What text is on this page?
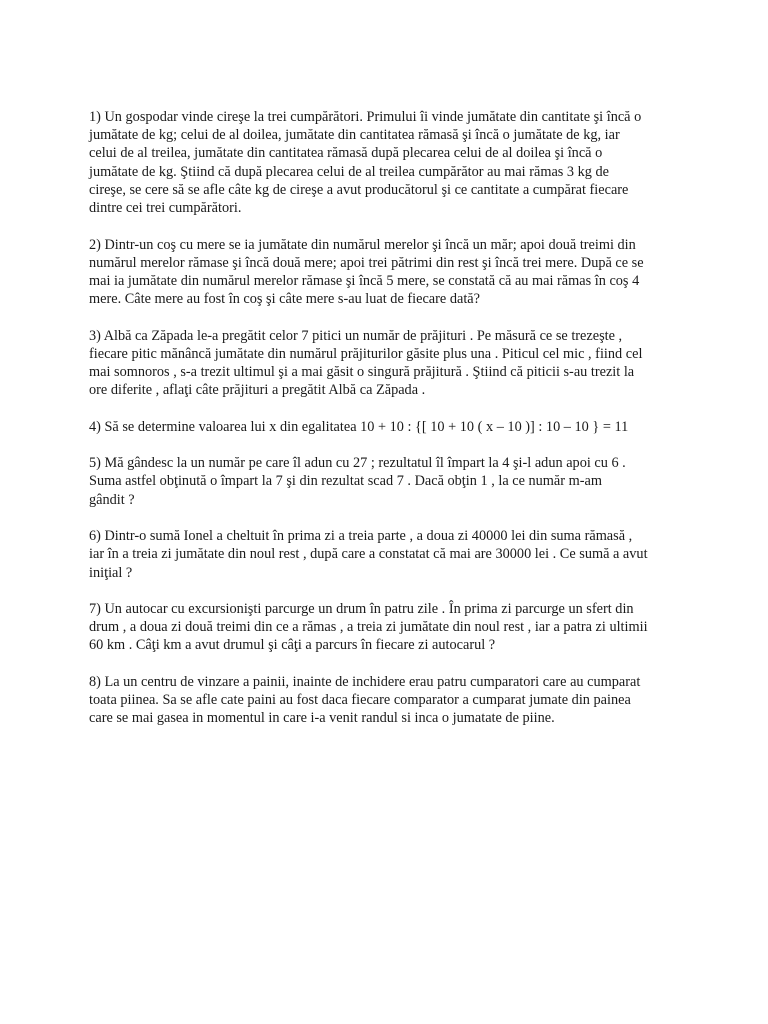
1) Un gospodar vinde cireşe la trei cumpărători. Primului îi vinde jumătate din cantitate şi încă o
jumătate de kg; celui de al doilea, jumătate din cantitatea rămasă şi încă o jumătate de kg, iar
celui de al treilea, jumătate din cantitatea rămasă după plecarea celui de al doilea şi încă o
jumătate de kg. Ştiind că după plecarea celui de al treilea cumpărător au mai rămas 3 kg de
cireşe, se cere să se afle câte kg de cireşe a avut producătorul şi ce cantitate a cumpărat fiecare
dintre cei trei cumpărători.
2) Dintr-un coş cu mere se ia jumătate din numărul merelor şi încă un măr; apoi două treimi din
numărul merelor rămase şi încă două mere; apoi trei pătrimi din rest şi încă trei mere. După ce se
mai ia jumătate din numărul merelor rămase şi încă 5 mere, se constată că au mai rămas în coş 4
mere. Câte mere au fost în coş şi câte mere s-au luat de fiecare dată?
3) Albă ca Zăpada le-a pregătit celor 7 pitici un număr de prăjituri . Pe măsură ce se trezeşte ,
fiecare pitic mănâncă jumătate din numărul prăjiturilor găsite plus una . Piticul cel mic , fiind cel
mai somnoros , s-a trezit ultimul şi a mai găsit o singură prăjitură . Ştiind că piticii s-au trezit la
ore diferite , aflaţi câte prăjituri a pregătit Albă ca Zăpada .
4) Să se determine valoarea lui x din egalitatea 10 + 10 : {[ 10 + 10 ( x – 10 )] : 10 – 10 } = 11
5) Mă gândesc la un număr pe care îl adun cu 27 ; rezultatul îl împart la 4 şi-l adun apoi cu 6 .
Suma astfel obţinută o împart la 7 şi din rezultat scad 7 . Dacă obţin 1 , la ce număr m-am
gândit ?
6) Dintr-o sumă Ionel a cheltuit în prima zi a treia parte , a doua zi 40000 lei din suma rămasă ,
iar în a treia zi jumătate din noul rest , după care a constatat că mai are 30000 lei . Ce sumă a avut
iniţial ?
7) Un autocar cu excursionişti parcurge un drum în patru zile . În prima zi parcurge un sfert din
drum , a doua zi două treimi din ce a rămas , a treia zi jumătate din noul rest , iar a patra zi ultimii
60 km . Câţi km a avut drumul şi câţi a parcurs în fiecare zi autocarul ?
8) La un centru de vinzare a painii, inainte de inchidere erau patru cumparatori care au cumparat
toata piinea. Sa se afle cate paini au fost daca fiecare comparator a cumparat jumate din painea
care se mai gasea in momentul in care i-a venit randul si inca o jumatate de piine.
